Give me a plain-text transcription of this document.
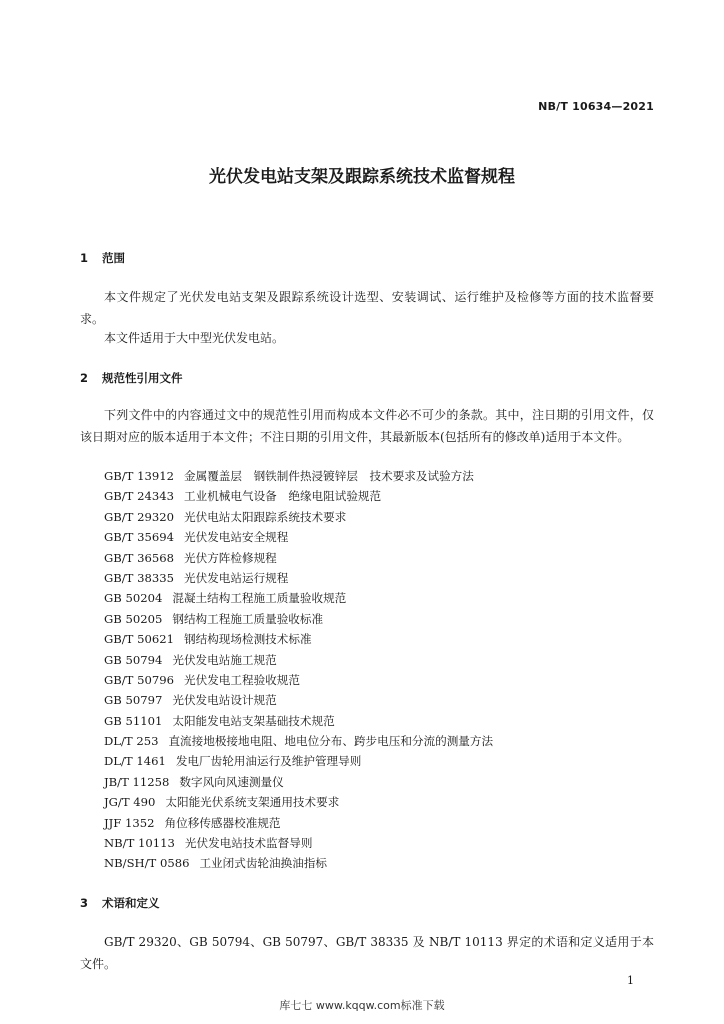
NB/T 10634—2021
光伏发电站支架及跟踪系统技术监督规程
1 范围

本文件规定了光伏发电站支架及跟踪系统设计选型、安装调试、运行维护及检修等方面的技术监督要求。

本文件适用于大中型光伏发电站。

2 规范性引用文件

下列文件中的内容通过文中的规范性引用而构成本文件必不可少的条款。其中，注日期的引用文件，仅该日期对应的版本适用于本文件；不注日期的引用文件，其最新版本(包括所有的修改单)适用于本文件。

GB/T 13912 金属覆盖层　钢铁制件热浸镀锌层　技术要求及试验方法
GB/T 24343 工业机械电气设备　绝缘电阻试验规范
GB/T 29320 光伏电站太阳跟踪系统技术要求
GB/T 35694 光伏发电站安全规程
GB/T 36568 光伏方阵检修规程
GB/T 38335 光伏发电站运行规程
GB 50204 混凝土结构工程施工质量验收规范
GB 50205 钢结构工程施工质量验收标准
GB/T 50621 钢结构现场检测技术标准
GB 50794 光伏发电站施工规范
GB/T 50796 光伏发电工程验收规范
GB 50797 光伏发电站设计规范
GB 51101 太阳能发电站支架基础技术规范
DL/T 253 直流接地极接地电阻、地电位分布、跨步电压和分流的测量方法
DL/T 1461 发电厂齿轮用油运行及维护管理导则
JB/T 11258 数字风向风速测量仪
JG/T 490 太阳能光伏系统支架通用技术要求
JJF 1352 角位移传感器校准规范
NB/T 10113 光伏发电站技术监督导则
NB/SH/T 0586 工业闭式齿轮油换油指标
3 术语和定义

GB/T 29320、GB 50794、GB 50797、GB/T 38335 及 NB/T 10113 界定的术语和定义适用于本文件。

1
库七七 www.kqqw.com标准下载
